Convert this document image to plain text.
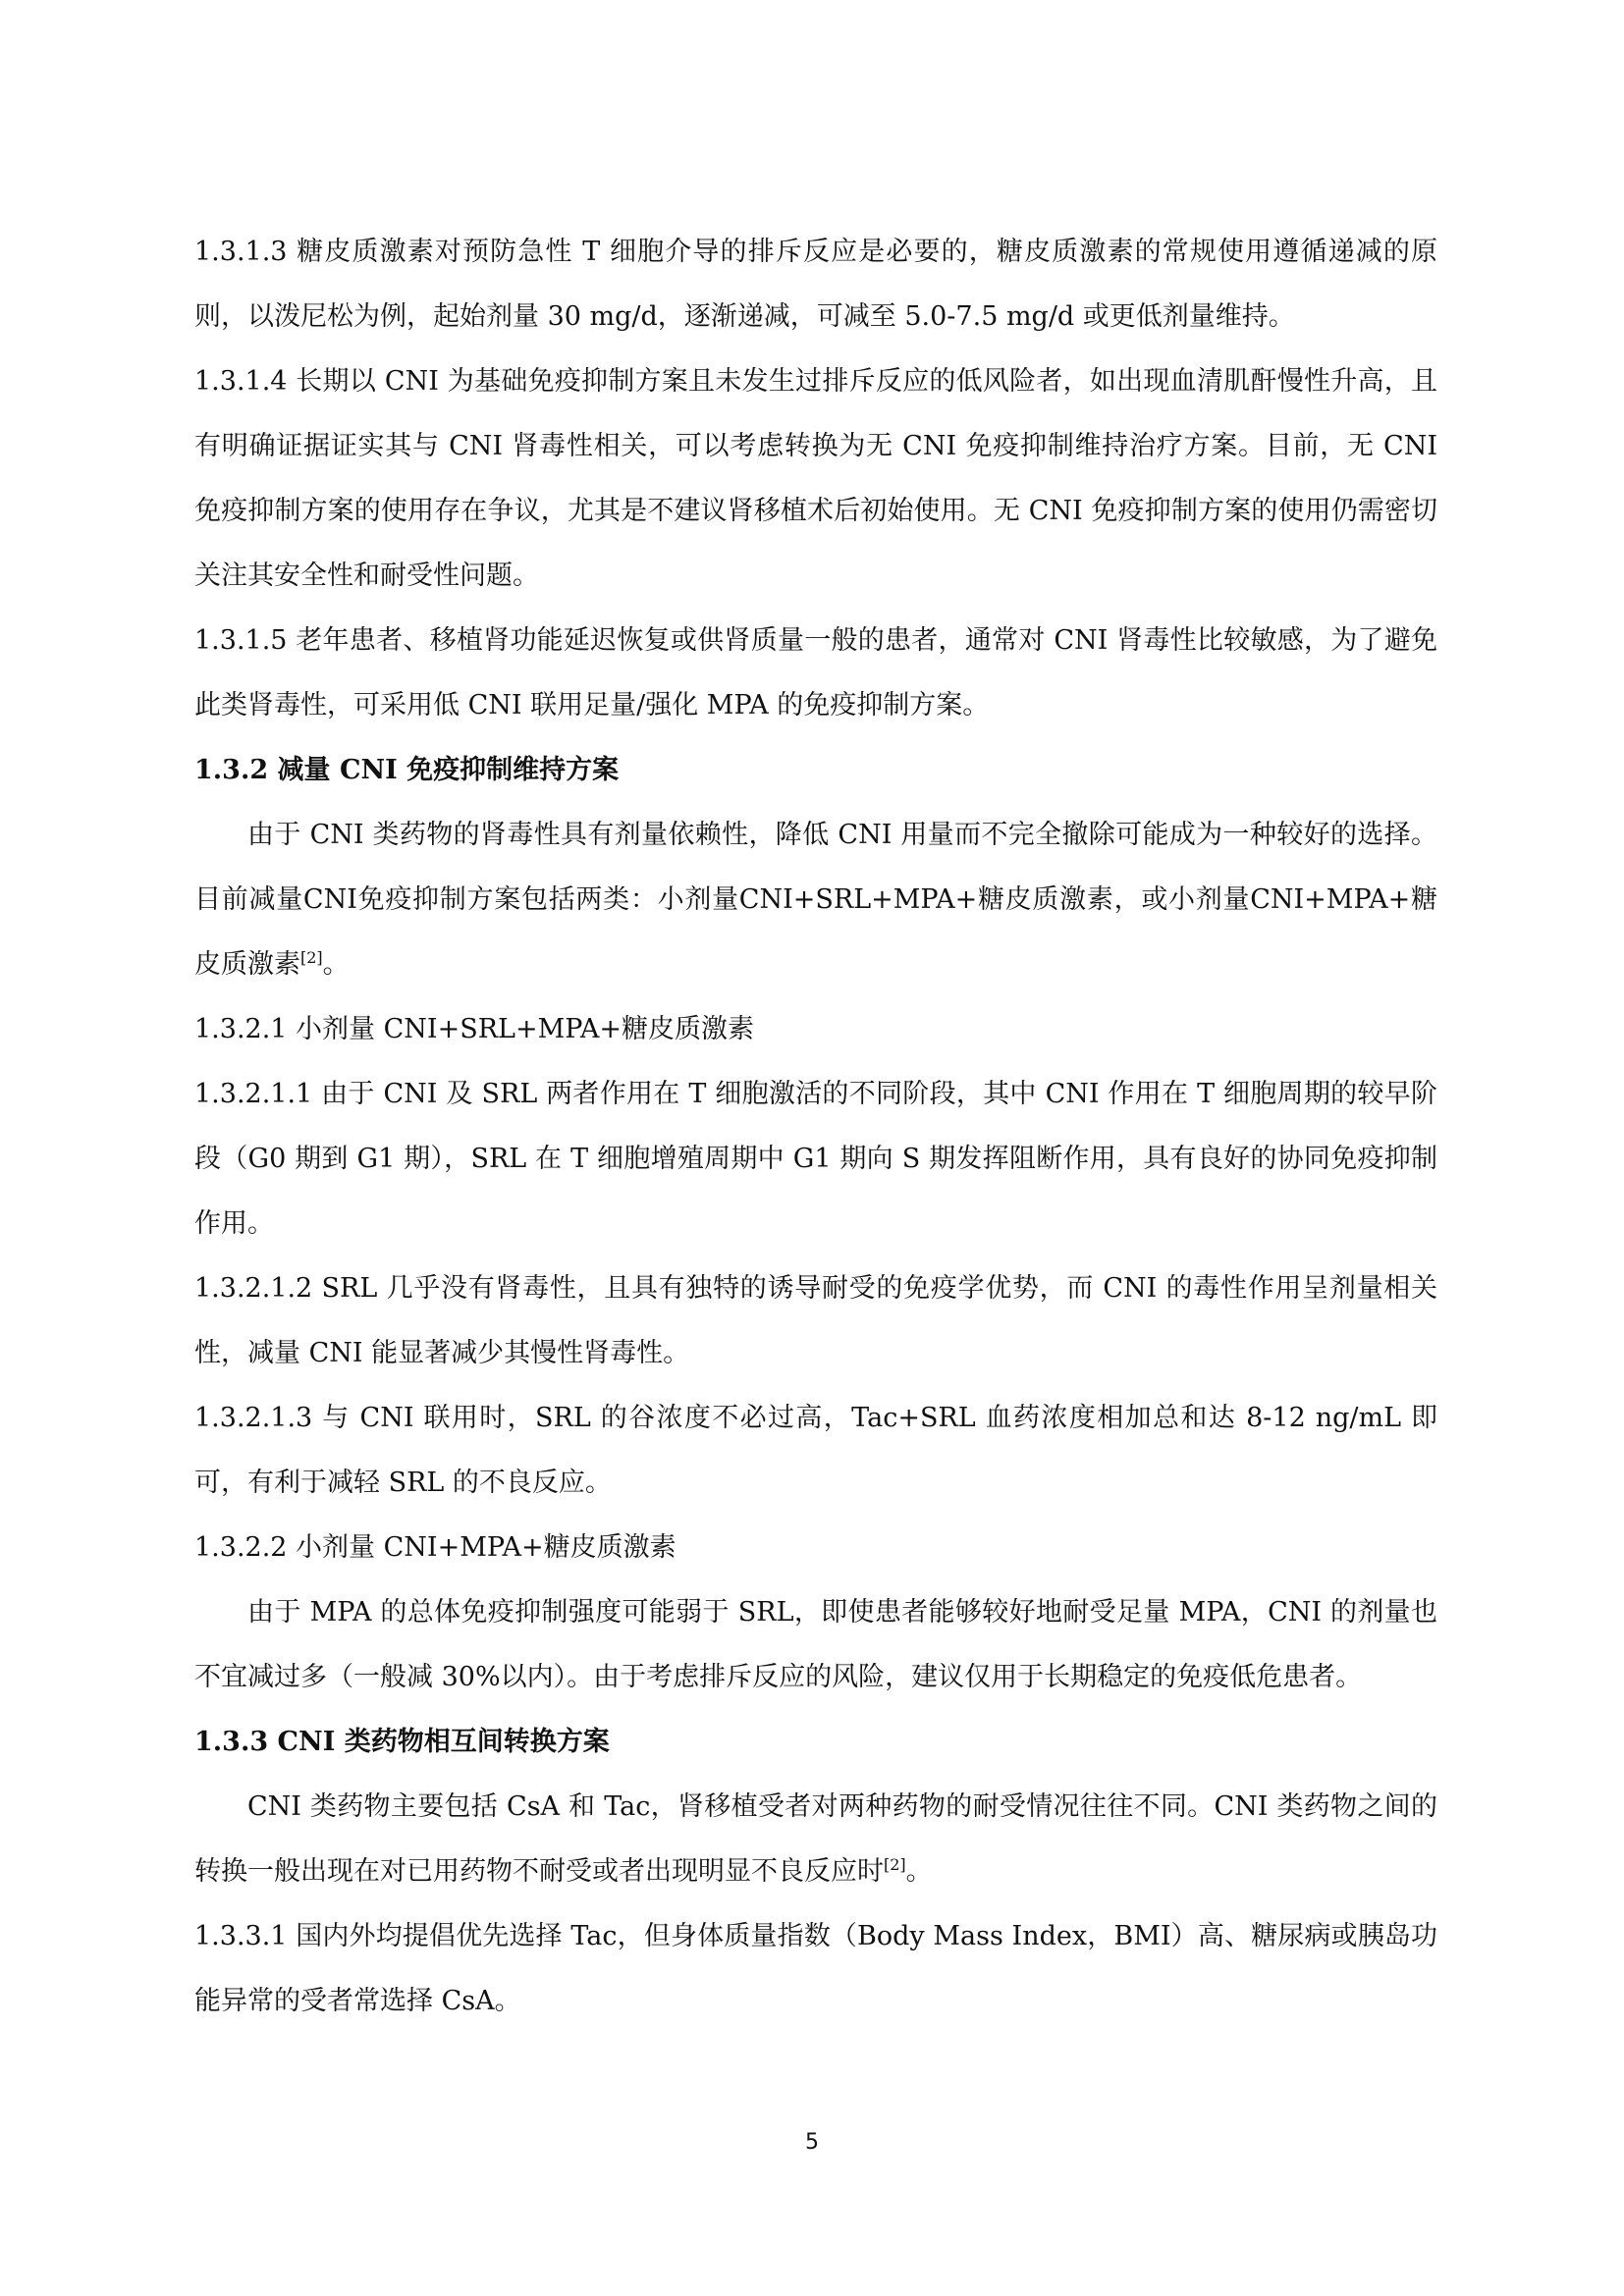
1.3.1.3 糖皮质激素对预防急性 T 细胞介导的排斥反应是必要的，糖皮质激素的常规使用遵循递减的原则，以泼尼松为例，起始剂量 30 mg/d，逐渐递减，可减至 5.0-7.5 mg/d 或更低剂量维持。

1.3.1.4 长期以 CNI 为基础免疫抑制方案且未发生过排斥反应的低风险者，如出现血清肌酐慢性升高，且有明确证据证实其与 CNI 肾毒性相关，可以考虑转换为无 CNI 免疫抑制维持治疗方案。目前，无 CNI 免疫抑制方案的使用存在争议，尤其是不建议肾移植术后初始使用。无 CNI 免疫抑制方案的使用仍需密切关注其安全性和耐受性问题。

1.3.1.5 老年患者、移植肾功能延迟恢复或供肾质量一般的患者，通常对 CNI 肾毒性比较敏感，为了避免此类肾毒性，可采用低 CNI 联用足量/强化 MPA 的免疫抑制方案。

1.3.2 减量 CNI 免疫抑制维持方案

由于 CNI 类药物的肾毒性具有剂量依赖性，降低 CNI 用量而不完全撤除可能成为一种较好的选择。目前减量CNI免疫抑制方案包括两类：小剂量CNI+SRL+MPA+糖皮质激素，或小剂量CNI+MPA+糖皮质激素[2]。

1.3.2.1 小剂量 CNI+SRL+MPA+糖皮质激素

1.3.2.1.1 由于 CNI 及 SRL 两者作用在 T 细胞激活的不同阶段，其中 CNI 作用在 T 细胞周期的较早阶段（G0 期到 G1 期），SRL 在 T 细胞增殖周期中 G1 期向 S 期发挥阻断作用，具有良好的协同免疫抑制作用。

1.3.2.1.2 SRL 几乎没有肾毒性，且具有独特的诱导耐受的免疫学优势，而 CNI 的毒性作用呈剂量相关性，减量 CNI 能显著减少其慢性肾毒性。

1.3.2.1.3 与 CNI 联用时，SRL 的谷浓度不必过高，Tac+SRL 血药浓度相加总和达 8-12 ng/mL 即可，有利于减轻 SRL 的不良反应。

1.3.2.2 小剂量 CNI+MPA+糖皮质激素

由于 MPA 的总体免疫抑制强度可能弱于 SRL，即使患者能够较好地耐受足量 MPA，CNI 的剂量也不宜减过多（一般减 30%以内）。由于考虑排斥反应的风险，建议仅用于长期稳定的免疫低危患者。

1.3.3 CNI 类药物相互间转换方案

CNI 类药物主要包括 CsA 和 Tac，肾移植受者对两种药物的耐受情况往往不同。CNI 类药物之间的转换一般出现在对已用药物不耐受或者出现明显不良反应时[2]。

1.3.3.1 国内外均提倡优先选择 Tac，但身体质量指数（Body Mass Index，BMI）高、糖尿病或胰岛功能异常的受者常选择 CsA。

5
